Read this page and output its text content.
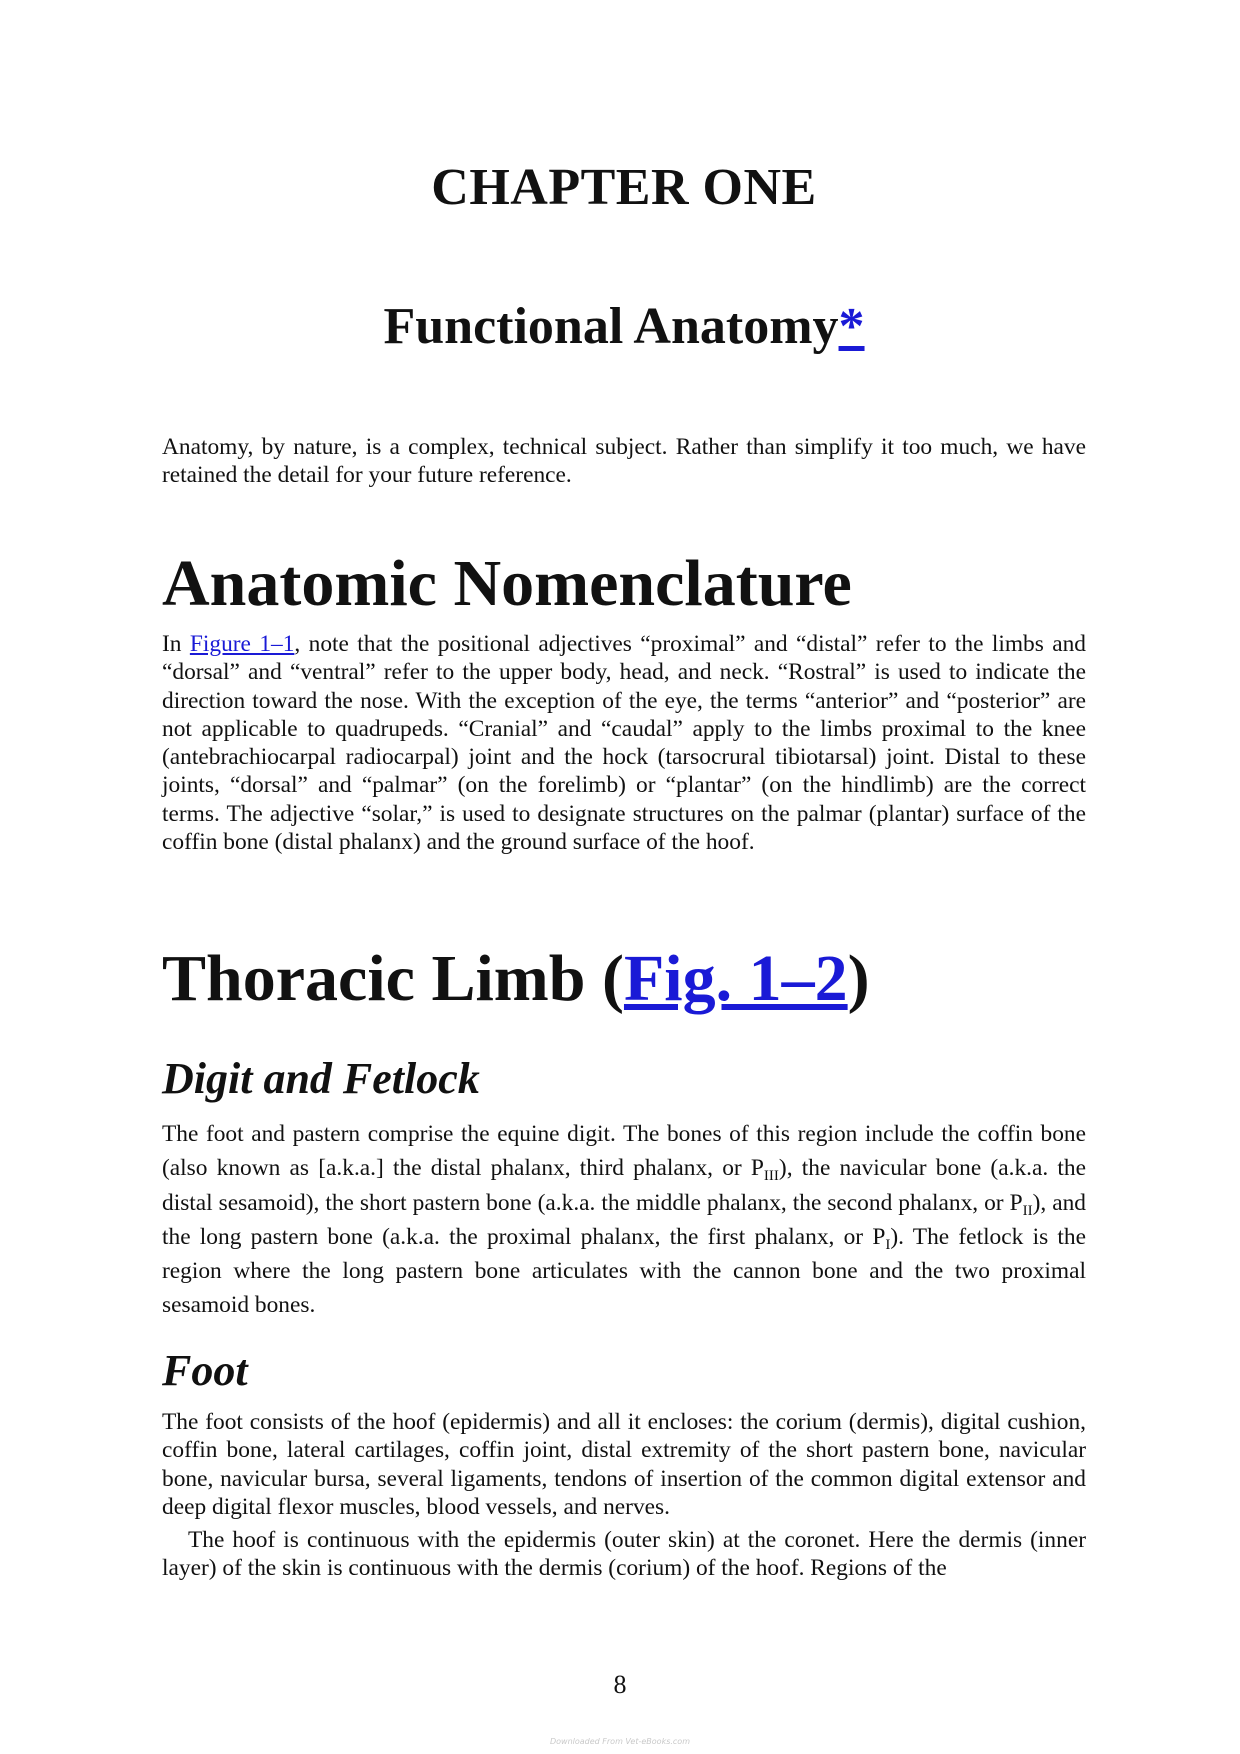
CHAPTER ONE
Functional Anatomy*

Anatomy, by nature, is a complex, technical subject. Rather than simplify it too much, we have retained the detail for your future reference.

Anatomic Nomenclature

In Figure 1–1, note that the positional adjectives “proximal” and “distal” refer to the limbs and “dorsal” and “ventral” refer to the upper body, head, and neck. “Rostral” is used to indicate the direction toward the nose. With the exception of the eye, the terms “anterior” and “posterior” are not applicable to quadrupeds. “Cranial” and “caudal” apply to the limbs proximal to the knee (antebrachiocarpal radiocarpal) joint and the hock (tarsocrural tibiotarsal) joint. Distal to these joints, “dorsal” and “palmar” (on the forelimb) or “plantar” (on the hindlimb) are the correct terms. The adjective “solar,” is used to designate structures on the palmar (plantar) surface of the coffin bone (distal phalanx) and the ground surface of the hoof.

Thoracic Limb (Fig. 1–2)
Digit and Fetlock

The foot and pastern comprise the equine digit. The bones of this region include the coffin bone (also known as [a.k.a.] the distal phalanx, third phalanx, or $P_{III}$), the navicular bone (a.k.a. the distal sesamoid), the short pastern bone (a.k.a. the middle phalanx, the second phalanx, or $P_{II}$), and the long pastern bone (a.k.a. the proximal phalanx, the first phalanx, or $P_I$). The fetlock is the region where the long pastern bone articulates with the cannon bone and the two proximal sesamoid bones.

Foot

The foot consists of the hoof (epidermis) and all it encloses: the corium (dermis), digital cushion, coffin bone, lateral cartilages, coffin joint, distal extremity of the short pastern bone, navicular bone, navicular bursa, several ligaments, tendons of insertion of the common digital extensor and deep digital flexor muscles, blood vessels, and nerves.

The hoof is continuous with the epidermis (outer skin) at the coronet. Here the dermis (inner layer) of the skin is continuous with the dermis (corium) of the hoof. Regions of the

8
Downloaded From Vet-eBooks.com
